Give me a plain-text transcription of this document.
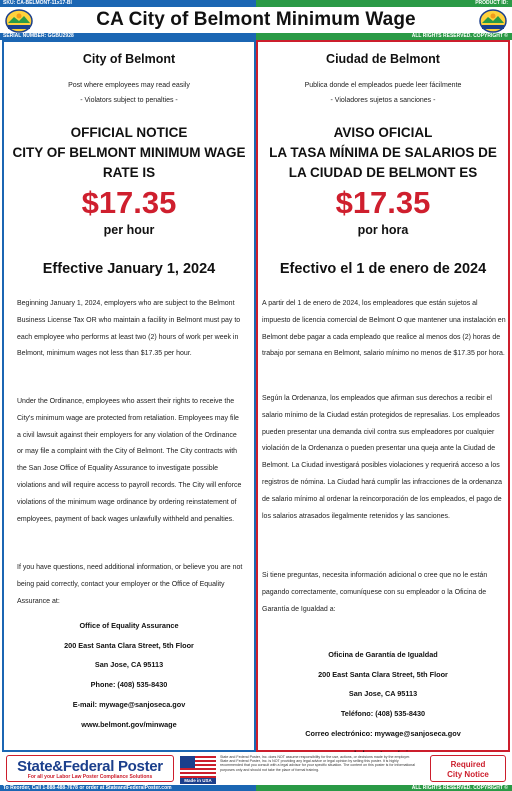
SKU: CA-BELMONT-11x17-BI	PRODUCT ID:
CA City of Belmont Minimum Wage
SERIAL NUMBER: GGBU2928	ALL RIGHTS RESERVED. COPYRIGHT ©
City of Belmont
Post where employees may read easily
- Violators subject to penalties -
OFFICIAL NOTICE
CITY OF BELMONT MINIMUM WAGE
RATE IS
$17.35
per hour
Effective January 1, 2024

Beginning January 1, 2024, employers who are subject to the Belmont Business License Tax OR who maintain a facility in Belmont must pay to each employee who performs at least two (2) hours of work per week in Belmont, minimum wages not less than $17.35 per hour.

Under the Ordinance, employees who assert their rights to receive the City's minimum wage are protected from retaliation. Employees may file a civil lawsuit against their employers for any violation of the Ordinance or may file a complaint with the City of Belmont. The City contracts with the San Jose Office of Equality Assurance to investigate possible violations and will require access to payroll records. The City will enforce violations of the minimum wage ordinance by ordering reinstatement of employees, payment of back wages unlawfully withheld and penalties.

If you have questions, need additional information, or believe you are not being paid correctly, contact your employer or the Office of Equality Assurance at:

Office of Equality Assurance
200 East Santa Clara Street, 5th Floor
San Jose, CA 95113
Phone: (408) 535-8430
E-mail: mywage@sanjoseca.gov
www.belmont.gov/minwage
Ciudad de Belmont
Publica donde el empleados puede leer fácilmente
- Violadores sujetos a sanciones -
AVISO OFICIAL
LA TASA MÍNIMA DE SALARIOS DE
LA CIUDAD DE BELMONT ES
$17.35
por hora
Efectivo el 1 de enero de 2024

A partir del 1 de enero de 2024, los empleadores que están sujetos al impuesto de licencia comercial de Belmont O que mantener una instalación en Belmont debe pagar a cada empleado que realice al menos dos (2) horas de trabajo por semana en Belmont, salario mínimo no menos de $17.35 por hora.

Según la Ordenanza, los empleados que afirman sus derechos a recibir el salario mínimo de la Ciudad están protegidos de represalias. Los empleados pueden presentar una demanda civil contra sus empleadores por cualquier violación de la Ordenanza o pueden presentar una queja ante la Ciudad de Belmont. La Ciudad investigará posibles violaciones y requerirá acceso a los registros de nómina. La Ciudad hará cumplir las infracciones de la ordenanza de salario mínimo al ordenar la reincorporación de los empleados, el pago de los salarios atrasados ilegalmente retenidos y las sanciones.

Si tiene preguntas, necesita información adicional o cree que no le están pagando correctamente, comuníquese con su empleador o la Oficina de Garantía de Igualdad a:

Oficina de Garantía de Igualdad
200 East Santa Clara Street, 5th Floor
San Jose, CA 95113
Teléfono: (408) 535-8430
Correo electrónico: mywage@sanjoseca.gov
State&Federal Poster
For all your Labor Law Poster Compliance Solutions
Made in USA
State and Federal Poster, Inc. does NOT assume responsibility for the use, actions, or decisions made by the employer. State and Federal Poster, Inc. is NOT providing any legal advice or legal opinion by selling this poster. It is highly recommended that you consult with a legal advisor for your specific situation. The content on this poster is for informational purposes only and should not take the place of formal training.
Required
City Notice
To Reorder, Call 1-888-488-7678 or order at StateandFederalPoster.com	ALL RIGHTS RESERVED. COPYRIGHT ©
